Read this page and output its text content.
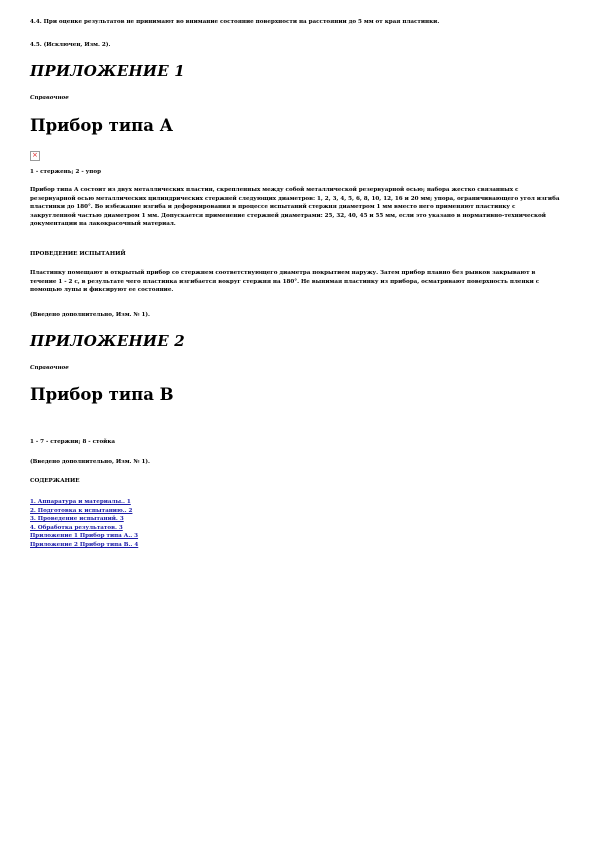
4.4. При оценке результатов не принимают во внимание состояние поверхности на расстоянии до 5 мм от края пластинки.

4.5. (Исключен, Изм. 2).

ПРИЛОЖЕНИЕ 1

Справочное

Прибор типа А
×

1 - стержень; 2 - упор

Прибор типа А состоит из двух металлических пластин, скрепленных между собой металлической резервуарной осью; набора жестко связанных с резервуарной осью металлических цилиндрических стержней следующих диаметров: 1, 2, 3, 4, 5, 6, 8, 10, 12, 16 и 20 мм; упора, ограничивающего угол изгиба пластинки до 180°. Во избежание изгиба и деформирования в процессе испытаний стержня диаметром 1 мм вместо него применяют пластинку с закругленной частью диаметром 1 мм. Допускается применение стержней диаметрами: 25, 32, 40, 45 и 55 мм, если это указано в нормативно-технической документации на лакокрасочный материал.

ПРОВЕДЕНИЕ ИСПЫТАНИЙ

Пластинку помещают в открытый прибор со стержнем соответствующего диаметра покрытием наружу. Затем прибор плавно без рывков закрывают в течение 1 - 2 с, в результате чего пластинка изгибается вокруг стержня на 180°. Не вынимая пластинку из прибора, осматривают поверхность пленки с помощью лупы и фиксируют ее состояние.

(Введено дополнительно, Изм. № 1).

ПРИЛОЖЕНИЕ 2

Справочное

Прибор типа В

1 - 7 - стержни; 8 - стойка

(Введено дополнительно, Изм. № 1).

СОДЕРЖАНИЕ

1. Аппаратура и материалы.. 1
2. Подготовка к испытанию.. 2
3. Проведение испытаний. 3
4. Обработка результатов. 3
Приложение 1 Прибор типа А.. 3
Приложение 2 Прибор типа В.. 4
